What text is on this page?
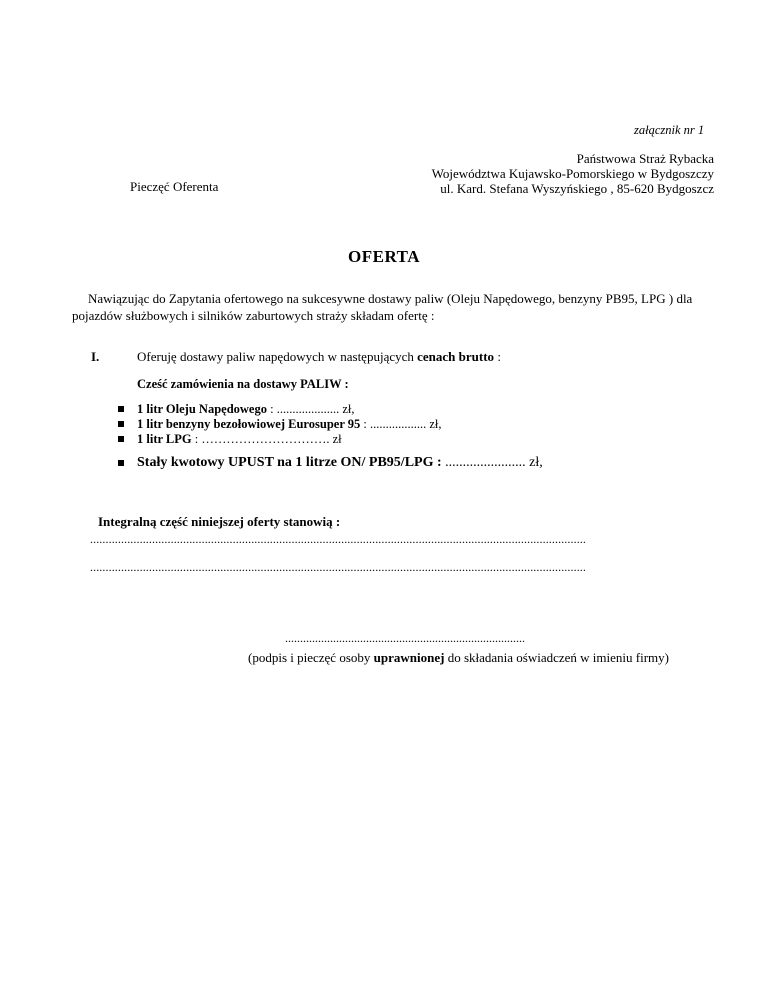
załącznik nr 1
Państwowa Straż Rybacka
Województwa Kujawsko-Pomorskiego w Bydgoszczy
ul. Kard. Stefana Wyszyńskiego , 85-620 Bydgoszcz
Pieczęć Oferenta
OFERTA
Nawiązując do Zapytania ofertowego na sukcesywne dostawy paliw (Oleju Napędowego, benzyny PB95, LPG ) dla
pojazdów służbowych i silników zaburtowych straży składam ofertę :
I.	Oferuję dostawy paliw napędowych w następujących cenach brutto :
Cześć zamówienia na dostawy PALIW :
1 litr Oleju Napędowego : .................... zł,
1 litr benzyny bezołowiowej Eurosuper 95 : .................. zł,
1 litr LPG : …………………………. zł
Stały kwotowy UPUST na 1 litrze ON/ PB95/LPG : ....................... zł,
Integralną część niniejszej oferty stanowią :
................................................................................................................................................................
................................................................................................................................................................
................................................................................
(podpis i pieczęć osoby uprawnionej do składania oświadczeń w imieniu firmy)
